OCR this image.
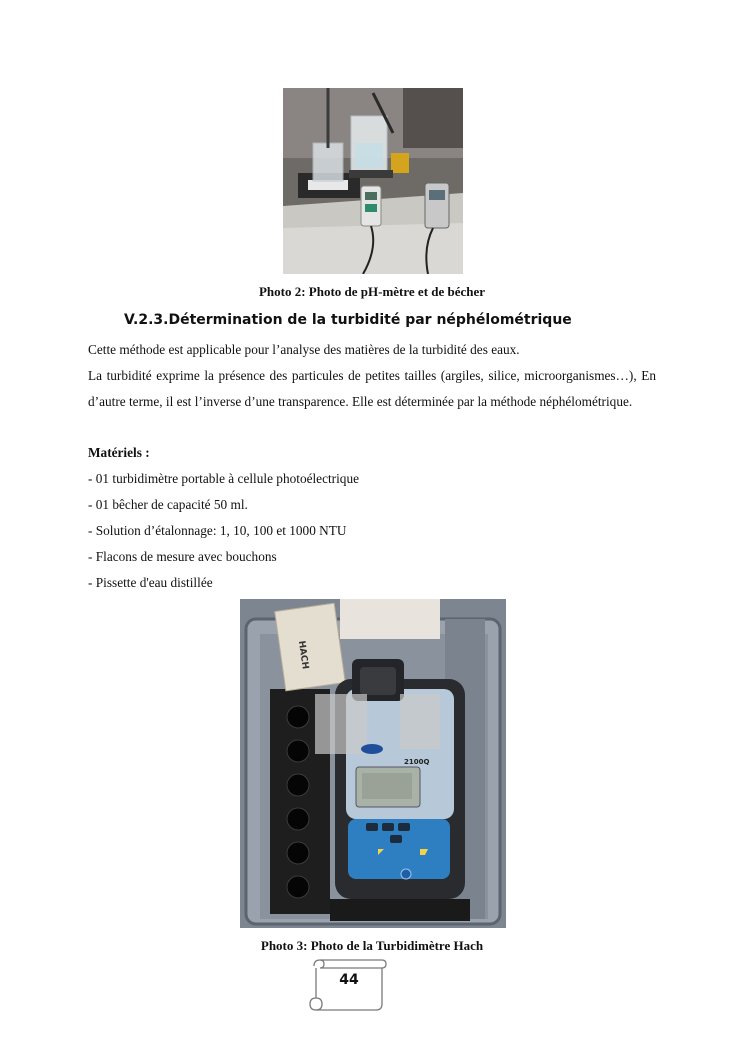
Photo 2: Photo de pH-mètre et de bécher
V.2.3.Détermination de la turbidité par néphélométrique
Cette méthode est applicable pour l’analyse des matières de la turbidité des eaux.
La turbidité exprime la présence des particules de petites tailles (argiles, silice, microorganismes…), En d’autre terme, il est l’inverse d’une transparence. Elle est déterminée par la méthode néphélométrique.
Matériels :
- 01 turbidimètre portable à cellule photoélectrique
- 01 bêcher de capacité 50 ml.
- Solution d’étalonnage: 1, 10, 100 et 1000 NTU
- Flacons de mesure avec bouchons
- Pissette d'eau distillée
HACH
2100Q
Photo 3: Photo de la Turbidimètre Hach
44
